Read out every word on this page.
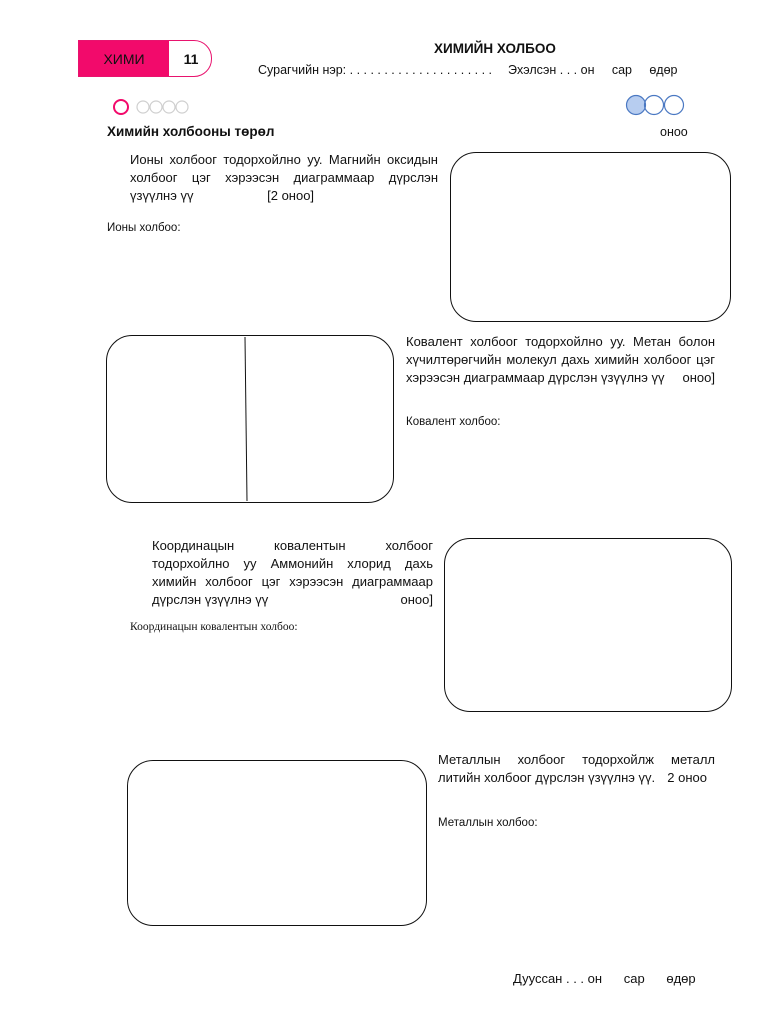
ХИМИ	11
ХИМИЙН ХОЛБОО
Сурагчийн нэр: . . . . . . . . . . . . . . . . . . . . . Эхэлсэн . . . он     сар     өдөр
Химийн холбооны төрөл	оноо
Ионы холбоог тодорхойлно уу. Магнийн оксидын холбоог цэг хэрээсэн диаграммаар дүрслэн үзүүлнэ үү	[2 оноо]
Ионы холбоо:
Ковалент холбоог тодорхойлно уу. Метан болон хүчилтөрөгчийн молекул дахь химийн холбоог цэг хэрээсэн диаграммаар дүрслэн үзүүлнэ үү оноо]
Ковалент холбоо:
Координацын ковалентын холбоог тодорхойлно уу Аммонийн хлорид дахь химийн холбоог цэг хэрээсэн диаграммаар дүрслэн үзүүлнэ үү	оноо]
Координацын ковалентын холбоо:
Металлын холбоог тодорхойлж металл литийн холбоог дүрслэн үзүүлнэ үү. 2 оноо
Металлын холбоо:
Дууссан . . . он      сар      өдөр
